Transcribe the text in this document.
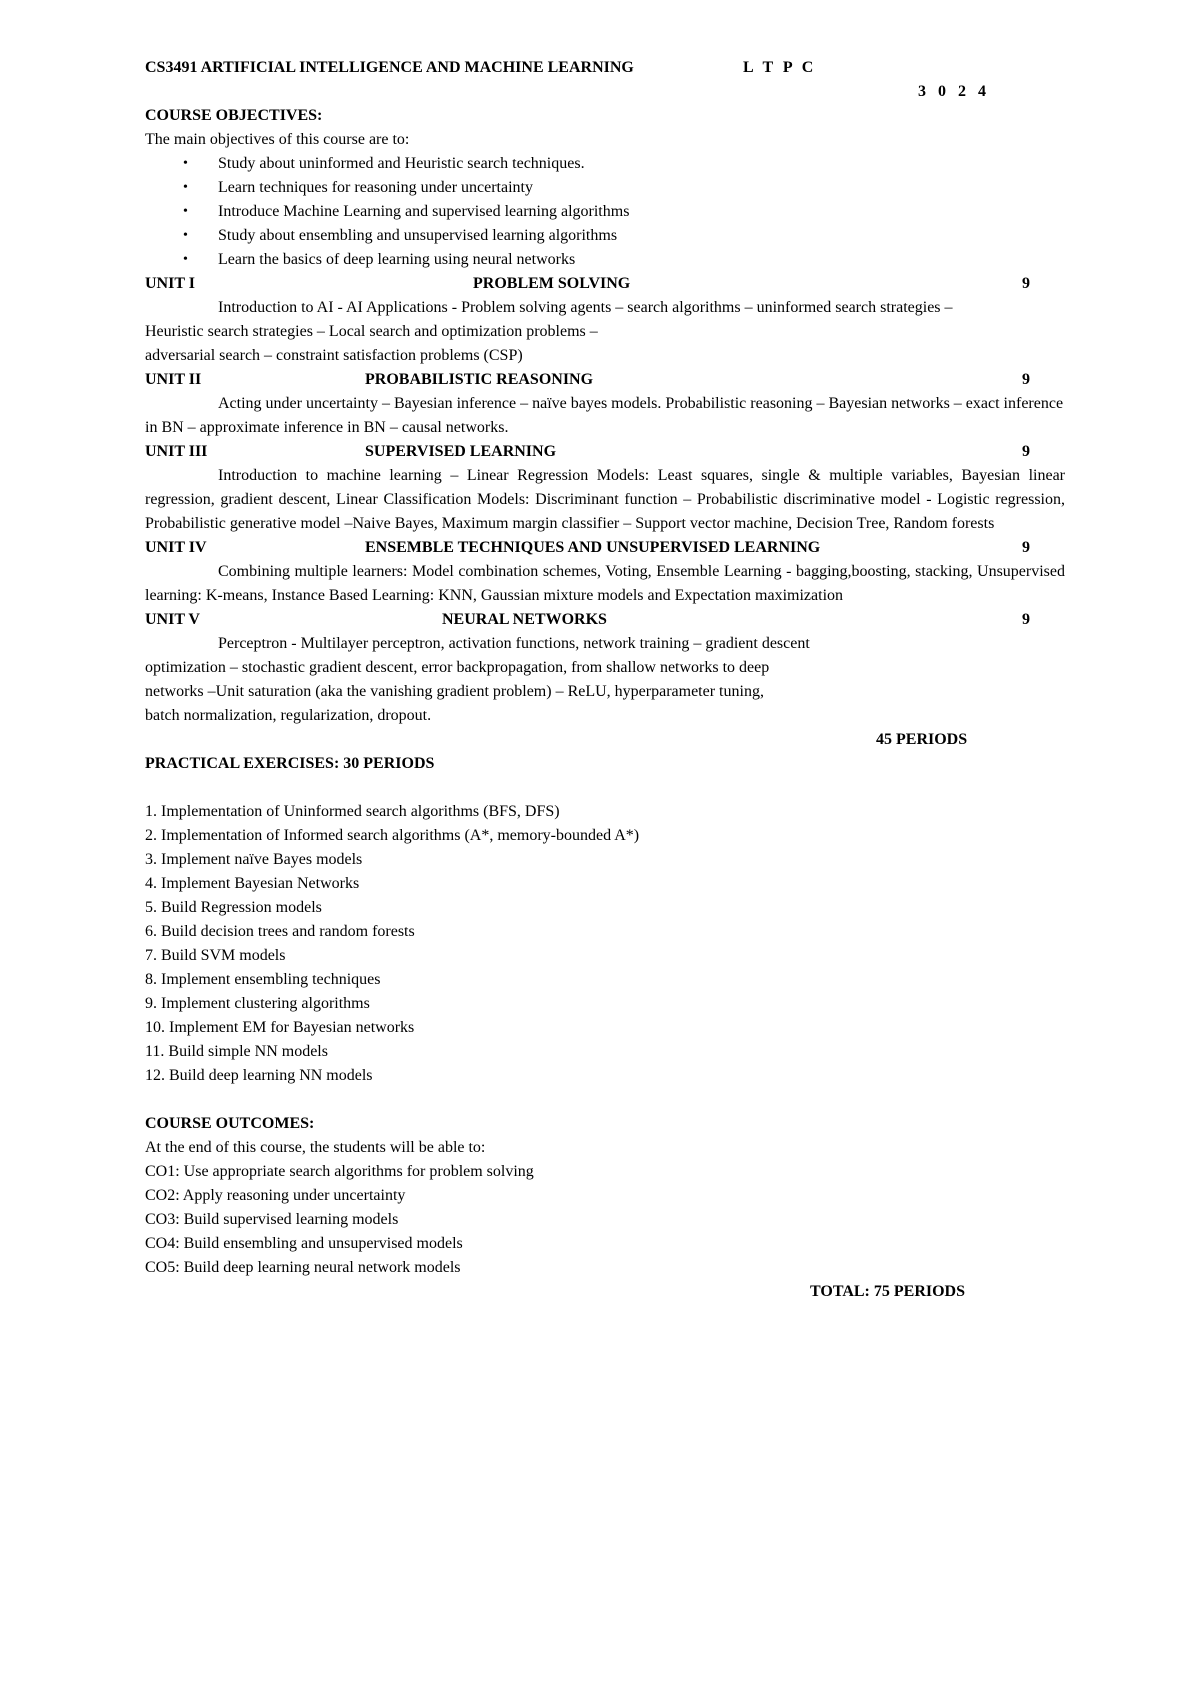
CS3491 ARTIFICIAL INTELLIGENCE AND MACHINE LEARNING	L T P C
3 0 2 4
COURSE OBJECTIVES:
The main objectives of this course are to:
• Study about uninformed and Heuristic search techniques.
• Learn techniques for reasoning under uncertainty
• Introduce Machine Learning and supervised learning algorithms
• Study about ensembling and unsupervised learning algorithms
• Learn the basics of deep learning using neural networks
UNIT I	PROBLEM SOLVING	9
Introduction to AI - AI Applications - Problem solving agents – search algorithms – uninformed search strategies –
Heuristic search strategies – Local search and optimization problems –
adversarial search – constraint satisfaction problems (CSP)
UNIT II	PROBABILISTIC REASONING	9

Acting under uncertainty – Bayesian inference – naïve bayes models. Probabilistic reasoning – Bayesian networks – exact inference in BN – approximate inference in BN – causal networks.

UNIT III	SUPERVISED LEARNING	9

Introduction to machine learning – Linear Regression Models: Least squares, single & multiple variables, Bayesian linear regression, gradient descent, Linear Classification Models: Discriminant function – Probabilistic discriminative model - Logistic regression, Probabilistic generative model –Naive Bayes, Maximum margin classifier – Support vector machine, Decision Tree, Random forests

UNIT IV	ENSEMBLE TECHNIQUES AND UNSUPERVISED LEARNING	9

Combining multiple learners: Model combination schemes, Voting, Ensemble Learning - bagging,boosting, stacking, Unsupervised learning: K-means, Instance Based Learning: KNN, Gaussian mixture models and Expectation maximization

UNIT V	NEURAL NETWORKS	9
Perceptron - Multilayer perceptron, activation functions, network training – gradient descent
optimization – stochastic gradient descent, error backpropagation, from shallow networks to deep
networks –Unit saturation (aka the vanishing gradient problem) – ReLU, hyperparameter tuning,
batch normalization, regularization, dropout.
45 PERIODS
PRACTICAL EXERCISES: 30 PERIODS
1. Implementation of Uninformed search algorithms (BFS, DFS)
2. Implementation of Informed search algorithms (A*, memory-bounded A*)
3. Implement naïve Bayes models
4. Implement Bayesian Networks
5. Build Regression models
6. Build decision trees and random forests
7. Build SVM models
8. Implement ensembling techniques
9. Implement clustering algorithms
10. Implement EM for Bayesian networks
11. Build simple NN models
12. Build deep learning NN models
COURSE OUTCOMES:
At the end of this course, the students will be able to:
CO1: Use appropriate search algorithms for problem solving
CO2: Apply reasoning under uncertainty
CO3: Build supervised learning models
CO4: Build ensembling and unsupervised models
CO5: Build deep learning neural network models
TOTAL: 75 PERIODS
